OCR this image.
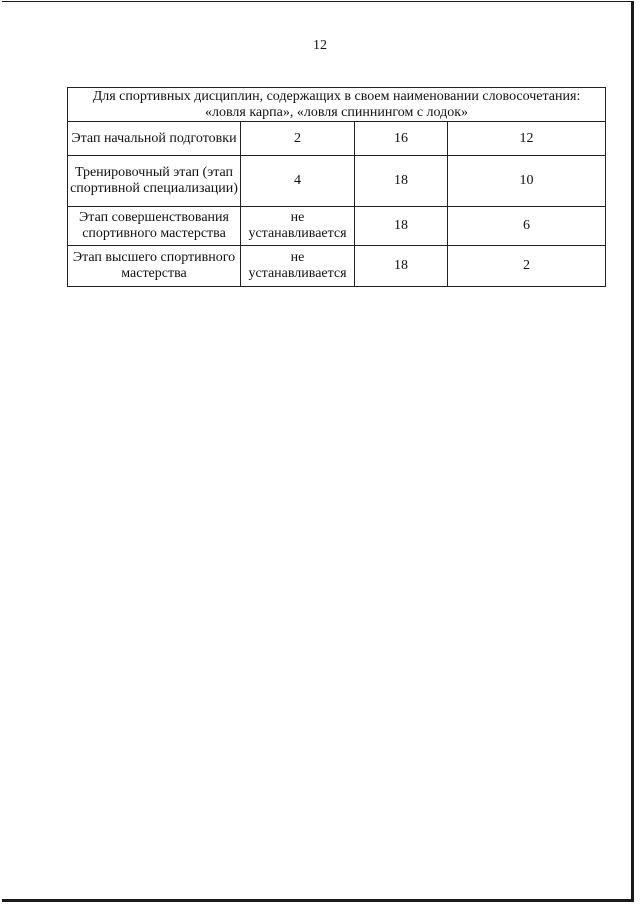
12
Для спортивных дисциплин, содержащих в своем наименовании словосочетания: «ловля карпа», «ловля спиннингом с лодок»			
Этап начальной подготовки	2	16	12
Тренировочный этап (этап спортивной специализации)	4	18	10
Этап совершенствования спортивного мастерства	не устанавливается	18	6
Этап высшего спортивного мастерства	не устанавливается	18	2
